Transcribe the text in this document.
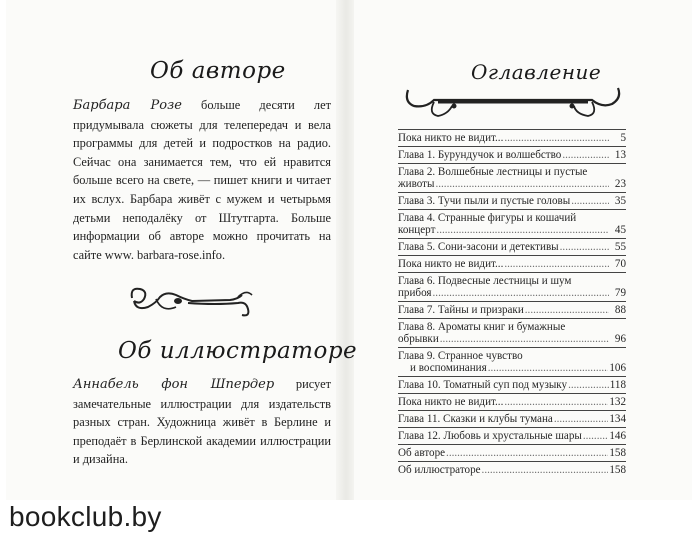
Об авторе
Барбара Розе больше десяти лет придумывала сюжеты для телепередач и вела программы для детей и подростков на радио. Сейчас она занимается тем, что ей нравится больше всего на свете, — пишет книги и читает их вслух. Барбара живёт с мужем и четырьмя детьми неподалёку от Штутгарта. Больше информации об авторе можно прочитать на сайте www. barbara-rose.info.
Об иллюстраторе
Аннабель фон Шпердер рисует замечательные иллюстрации для издательств разных стран. Художница живёт в Берлине и преподаёт в Берлинской академии иллюстрации и дизайна.
Оглавление
Пока никто не видит... .....	5
Глава 1. Бурундучок и волшебство .....	13
Глава 2. Волшебные лестницы и пустые
животы .....	23
Глава 3. Тучи пыли и пустые головы .....	35
Глава 4. Странные фигуры и кошачий
концерт .....	45
Глава 5. Сони-засони и детективы .....	55
Пока никто не видит... .....	70
Глава 6. Подвесные лестницы и шум
прибоя .....	79
Глава 7. Тайны и призраки .....	88
Глава 8. Ароматы книг и бумажные
обрывки .....	96
Глава 9. Странное чувство
и воспоминания .....	106
Глава 10. Томатный суп под музыку .....	118
Пока никто не видит... .....	132
Глава 11. Сказки и клубы тумана .....	134
Глава 12. Любовь и хрустальные шары ..... 146
Об авторе .....	158
Об иллюстраторе .....	158
bookclub.by
